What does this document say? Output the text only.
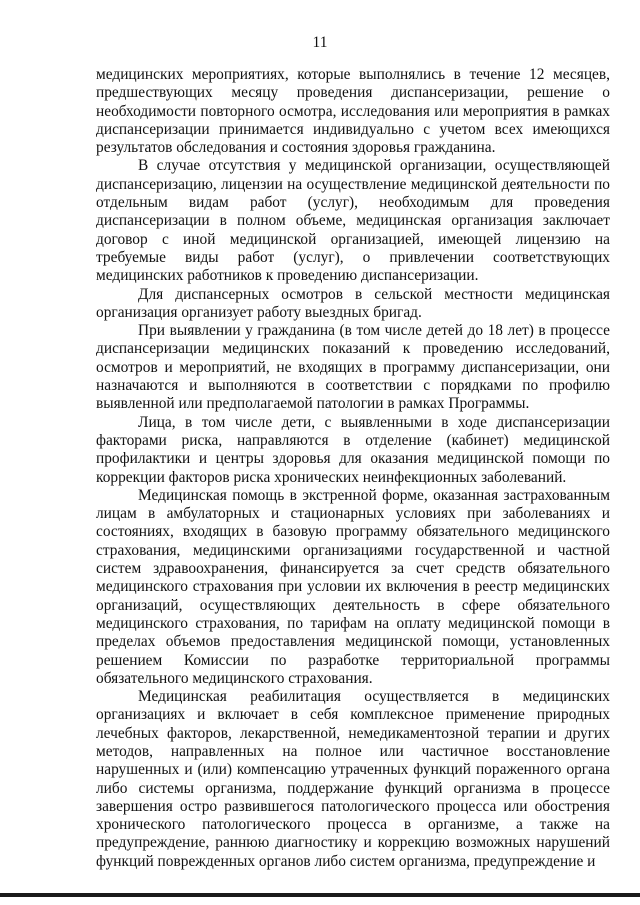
11

медицинских мероприятиях, которые выполнялись в течение 12 месяцев, предшествующих месяцу проведения диспансеризации, решение о необходимости повторного осмотра, исследования или мероприятия в рамках диспансеризации принимается индивидуально с учетом всех имеющихся результатов обследования и состояния здоровья гражданина.

В случае отсутствия у медицинской организации, осуществляющей диспансеризацию, лицензии на осуществление медицинской деятельности по отдельным видам работ (услуг), необходимым для проведения диспансеризации в полном объеме, медицинская организация заключает договор с иной медицинской организацией, имеющей лицензию на требуемые виды работ (услуг), о привлечении соответствующих медицинских работников к проведению диспансеризации.

Для диспансерных осмотров в сельской местности медицинская организация организует работу выездных бригад.

При выявлении у гражданина (в том числе детей до 18 лет) в процессе диспансеризации медицинских показаний к проведению исследований, осмотров и мероприятий, не входящих в программу диспансеризации, они назначаются и выполняются в соответствии с порядками по профилю выявленной или предполагаемой патологии в рамках Программы.

Лица, в том числе дети, с выявленными в ходе диспансеризации факторами риска, направляются в отделение (кабинет) медицинской профилактики и центры здоровья для оказания медицинской помощи по коррекции факторов риска хронических неинфекционных заболеваний.

Медицинская помощь в экстренной форме, оказанная застрахованным лицам в амбулаторных и стационарных условиях при заболеваниях и состояниях, входящих в базовую программу обязательного медицинского страхования, медицинскими организациями государственной и частной систем здравоохранения, финансируется за счет средств обязательного медицинского страхования при условии их включения в реестр медицинских организаций, осуществляющих деятельность в сфере обязательного медицинского страхования, по тарифам на оплату медицинской помощи в пределах объемов предоставления медицинской помощи, установленных решением Комиссии по разработке территориальной программы обязательного медицинского страхования.

Медицинская реабилитация осуществляется в медицинских организациях и включает в себя комплексное применение природных лечебных факторов, лекарственной, немедикаментозной терапии и других методов, направленных на полное или частичное восстановление нарушенных и (или) компенсацию утраченных функций пораженного органа либо системы организма, поддержание функций организма в процессе завершения остро развившегося патологического процесса или обострения хронического патологического процесса в организме, а также на предупреждение, раннюю диагностику и коррекцию возможных нарушений функций поврежденных органов либо систем организма, предупреждение и
